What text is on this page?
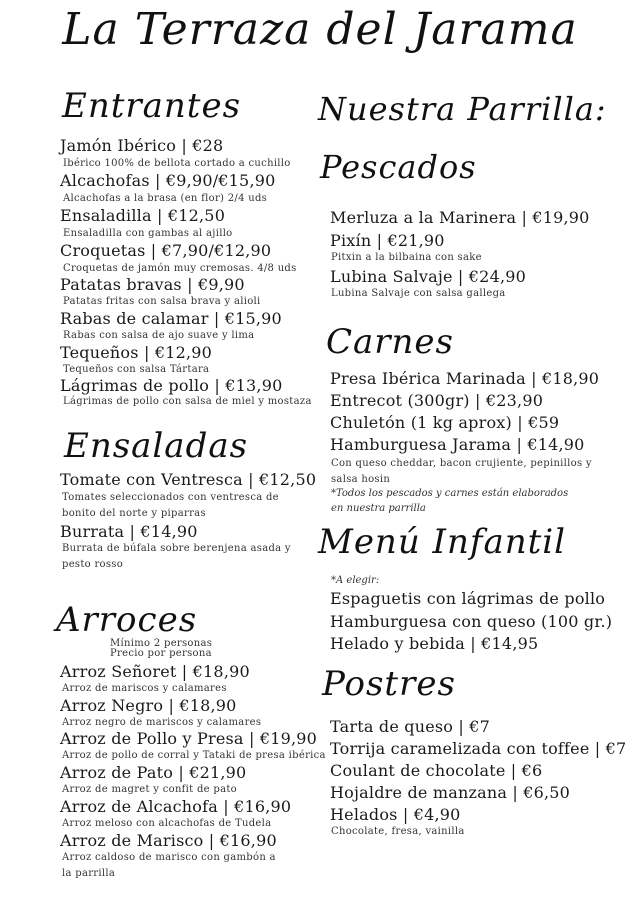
La Terraza del Jarama
Entrantes
Jamón Ibérico | €28
Ibérico 100% de bellota cortado a cuchillo
Alcachofas | €9,90/€15,90
Alcachofas a la brasa (en flor) 2/4 uds
Ensaladilla | €12,50
Ensaladilla con gambas al ajillo
Croquetas | €7,90/€12,90
Croquetas de jamón muy cremosas. 4/8 uds
Patatas bravas | €9,90
Patatas fritas con salsa brava y alioli
Rabas de calamar | €15,90
Rabas con salsa de ajo suave y lima
Tequeños | €12,90
Tequeños con salsa Tártara
Lágrimas de pollo | €13,90
Lágrimas de pollo con salsa de miel y mostaza
Ensaladas
Tomate con Ventresca | €12,50
Tomates seleccionados con ventresca de bonito del norte y piparras
Burrata | €14,90
Burrata de búfala sobre berenjena asada y pesto rosso
Arroces
Mínimo 2 personas
Precio por persona
Arroz Señoret | €18,90
Arroz de mariscos y calamares
Arroz Negro | €18,90
Arroz negro de mariscos y calamares
Arroz de Pollo y Presa | €19,90
Arroz de pollo de corral y Tataki de presa ibérica
Arroz de Pato | €21,90
Arroz de magret y confit de pato
Arroz de Alcachofa | €16,90
Arroz meloso con alcachofas de Tudela
Arroz de Marisco | €16,90
Arroz caldoso de marisco con gambón a la parrilla
Nuestra Parrilla:
Pescados
Merluza a la Marinera | €19,90
Pixín | €21,90
Pitxin a la bilbaina con sake
Lubina Salvaje | €24,90
Lubina Salvaje con salsa gallega
Carnes
Presa Ibérica Marinada | €18,90
Entrecot (300gr) | €23,90
Chuletón (1 kg aprox) | €59
Hamburguesa Jarama | €14,90
Con queso cheddar, bacon crujiente, pepinillos y salsa hosin
*Todos los pescados y carnes están elaborados en nuestra parrilla
Menú Infantil
*A elegir:
Espaguetis con lágrimas de pollo
Hamburguesa con queso (100 gr.)
Helado y bebida | €14,95
Postres
Tarta de queso | €7
Torrija caramelizada con toffee | €7
Coulant de chocolate | €6
Hojaldre de manzana | €6,50
Helados | €4,90
Chocolate, fresa, vainilla
